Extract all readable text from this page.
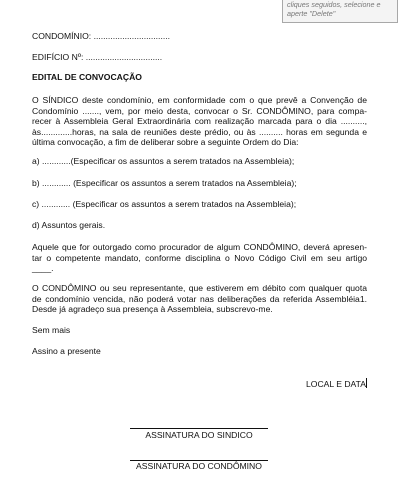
cliques seguidos, selecione e
aperte "Delete"
CONDOMÍNIO: ................................
EDIFÍCIO Nº: ................................
EDITAL DE CONVOCAÇÃO
O SÍNDICO deste condomínio, em conformidade com o que prevê a Convenção de
Condomínio ......., vem, por meio desta, convocar o Sr. CONDÔMINO, para compa-
recer à Assembleia Geral Extraordinária com realização marcada para o dia ..........,
às.............horas, na sala de reuniões deste prédio, ou às .......... horas em segunda e
última convocação, a fim de deliberar sobre a seguinte Ordem do Dia:
a) ............(Especificar os assuntos a serem tratados na Assembleia);
b) ............ (Especificar os assuntos a serem tratados na Assembleia);
c) ............ (Especificar os assuntos a serem tratados na Assembleia);
d) Assuntos gerais.
Aquele que for outorgado como procurador de algum CONDÔMINO, deverá apresen-
tar o competente mandato, conforme disciplina o Novo Código Civil em seu artigo
____.
O CONDÔMINO ou seu representante, que estiverem em débito com qualquer quota
de condomínio vencida, não poderá votar nas deliberações da referida Assembléia1.
Desde já agradeço sua presença à Assembleia, subscrevo-me.
Sem mais
Assino a presente
LOCAL E DATA
ASSINATURA DO SINDICO
ASSINATURA DO CONDÔMINO
